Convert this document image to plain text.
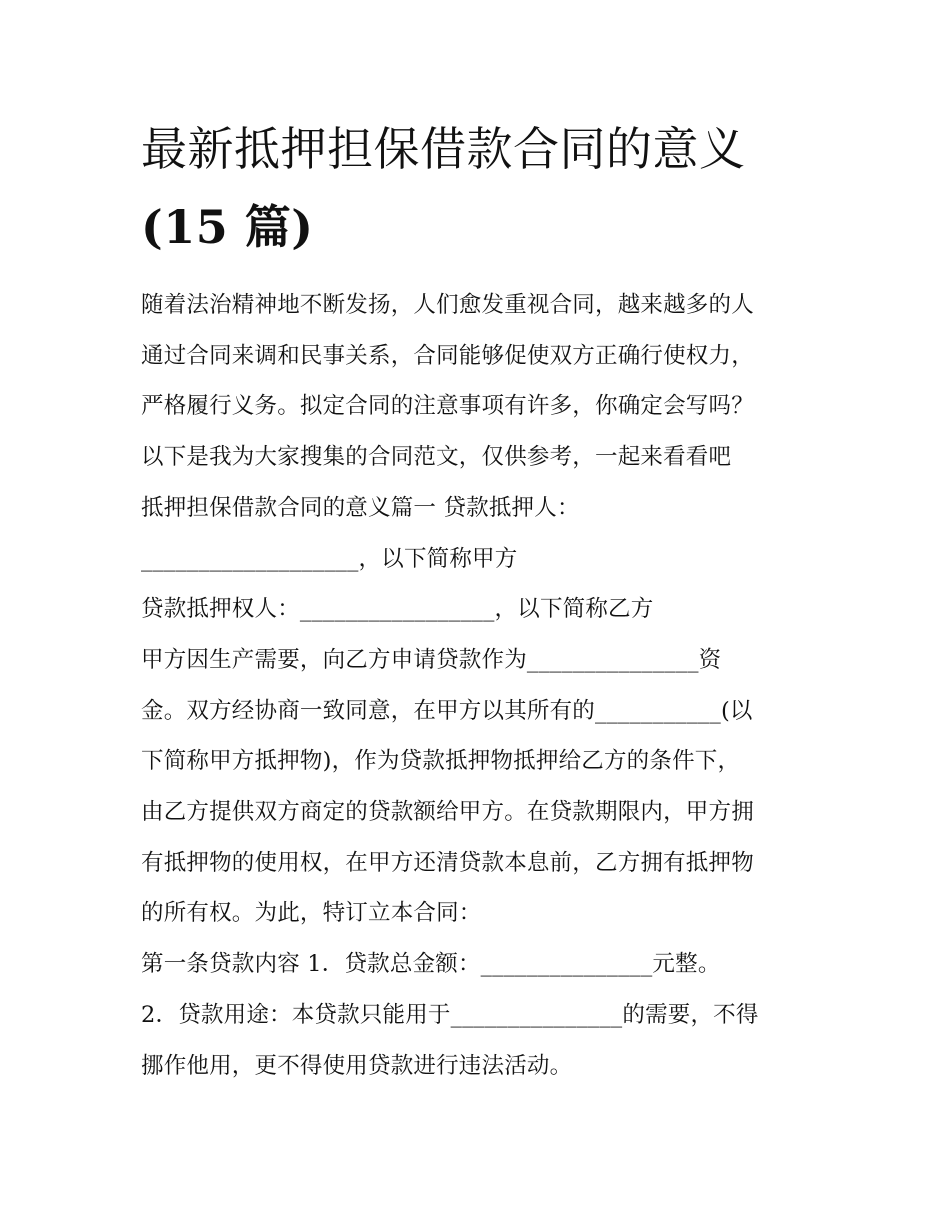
最新抵押担保借款合同的意义
(15 篇)
随着法治精神地不断发扬，人们愈发重视合同，越来越多的人
通过合同来调和民事关系，合同能够促使双方正确行使权力，
严格履行义务。拟定合同的注意事项有许多，你确定会写吗？
以下是我为大家搜集的合同范文，仅供参考，一起来看看吧
抵押担保借款合同的意义篇一 贷款抵押人：
___________________，以下简称甲方
贷款抵押权人：_________________，以下简称乙方
甲方因生产需要，向乙方申请贷款作为_______________资
金。双方经协商一致同意，在甲方以其所有的___________(以
下简称甲方抵押物)，作为贷款抵押物抵押给乙方的条件下，
由乙方提供双方商定的贷款额给甲方。在贷款期限内，甲方拥
有抵押物的使用权，在甲方还清贷款本息前，乙方拥有抵押物
的所有权。为此，特订立本合同：
第一条贷款内容 1．贷款总金额：_______________元整。
2．贷款用途：本贷款只能用于_______________的需要，不得
挪作他用，更不得使用贷款进行违法活动。
